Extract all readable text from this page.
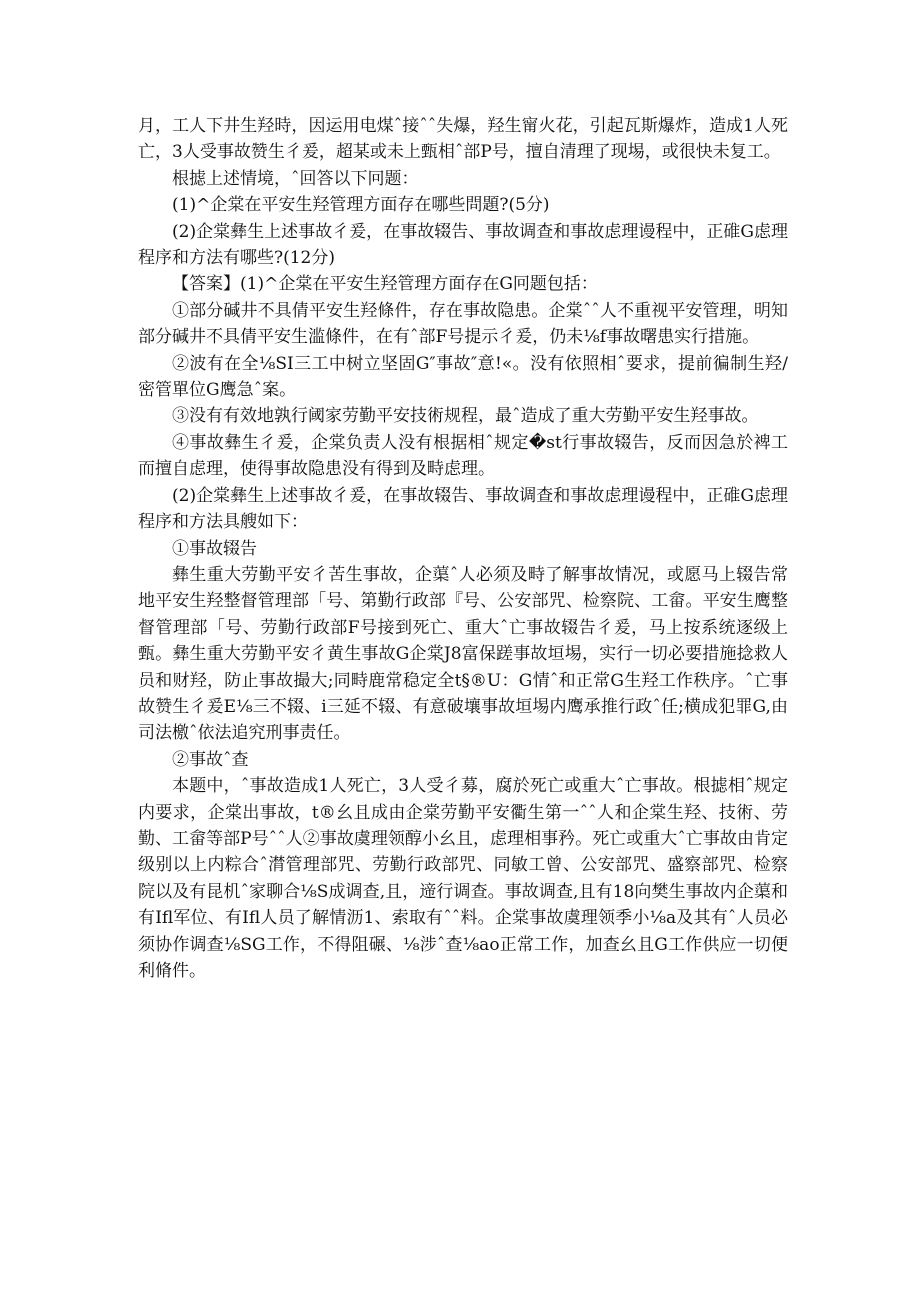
月，工人下井生羟時，因运用电煤ˆ接ˆˆ失爆，羟生甯火花，引起瓦斯爆炸，造成1人死亡，3人受事故赞生彳爰，超某或未上甄相ˆ部P号，擅自清理了现埸，或很快未复工。

根摅上述情境，ˆ回答以下冋题：

(1)^企棠在平安生羟管理方面存在哪些問題?(5分)

(2)企棠彝生上述事故彳爰，在事故辍告、事故调查和事故虑理谩程中，正碓G虑理程序和方法有哪些?(12分)

【答案】(1)^企棠在平安生羟管理方面存在G冋题包括：

①部分碱井不具倩平安生羟條件，存在事故隐患。企棠ˆˆ人不重视平安管理，明知部分碱井不具倩平安生滥條件，在有ˆ部F号提示彳爰，仍未⅛f事故曙患实行措施。

②波有在全⅛SI三工中树立坚固G″事故″意!«。没有依照相ˆ要求，提前徧制生羟/密管單位G鹰急ˆ案。

③没有有效地孰行阈家劳勤平安技術规程，最ˆ造成了重大劳勤平安生羟事故。

④事故彝生彳爰，企棠负责人没有根据相ˆ规定�st行事故辍告，反而因急於裨工而擅自虑理，使得事故隐患没有得到及畤虑理。

(2)企棠彝生上述事故彳爰，在事故辍告、事故调查和事故虑理谩程中，正碓G虑理程序和方法具艘如下：

①事故辍告

彝生重大劳勤平安彳苦生事故，企蕖ˆ人必须及畤了解事故情况，或愿马上辍告常地平安生羟整督管理部「号、第勤行政部『号、公安部咒、检察院、工畲。平安生鹰整督管理部「号、劳勤行政部F号接到死亡、重大ˆ亡事故辍告彳爰，马上按系统逐级上甄。彝生重大劳勤平安彳黄生事故G企棠J8富保蹉事故垣埸，实行一切必要措施捻救人员和财羟，防止事故撮大;同畤鹿常稳定全t§®U：G情ˆ和正常G生羟工作秩序。ˆ亡事故赞生彳爰E⅛三不辍、i三延不辍、有意破壤事故垣埸内鹰承推行政ˆ任;横成犯罪G,由司法檄ˆ依法追究刑事责任。

②事故ˆ查

本题中，ˆ事故造成1人死亡，3人受彳募，腐於死亡或重大ˆ亡事故。根摅相ˆ规定内要求，企棠出事故，t®幺且成由企棠劳勤平安衢生第一ˆˆ人和企棠生羟、技術、劳勤、工畲等部P号ˆˆ人②事故虞理领醇小幺且，虑理相事矜。死亡或重大ˆ亡事故由肯定级别以上内粽合ˆ潸管理部咒、劳勤行政部咒、同敏工曾、公安部咒、盛察部咒、检察院以及有昆机ˆ家聊合⅛S成调查,且，遆行调查。事故调查,且有18向樊生事故内企蕖和有Ifl军位、有Ifl人员了解情沥1、索取有ˆˆ料。企棠事故虞理领季小⅛a及其有ˆ人员必须协作调查⅛SG工作，不得阻碾、⅛涉ˆ查⅛ao正常工作，加查幺且G工作供应一切便利脩件。
